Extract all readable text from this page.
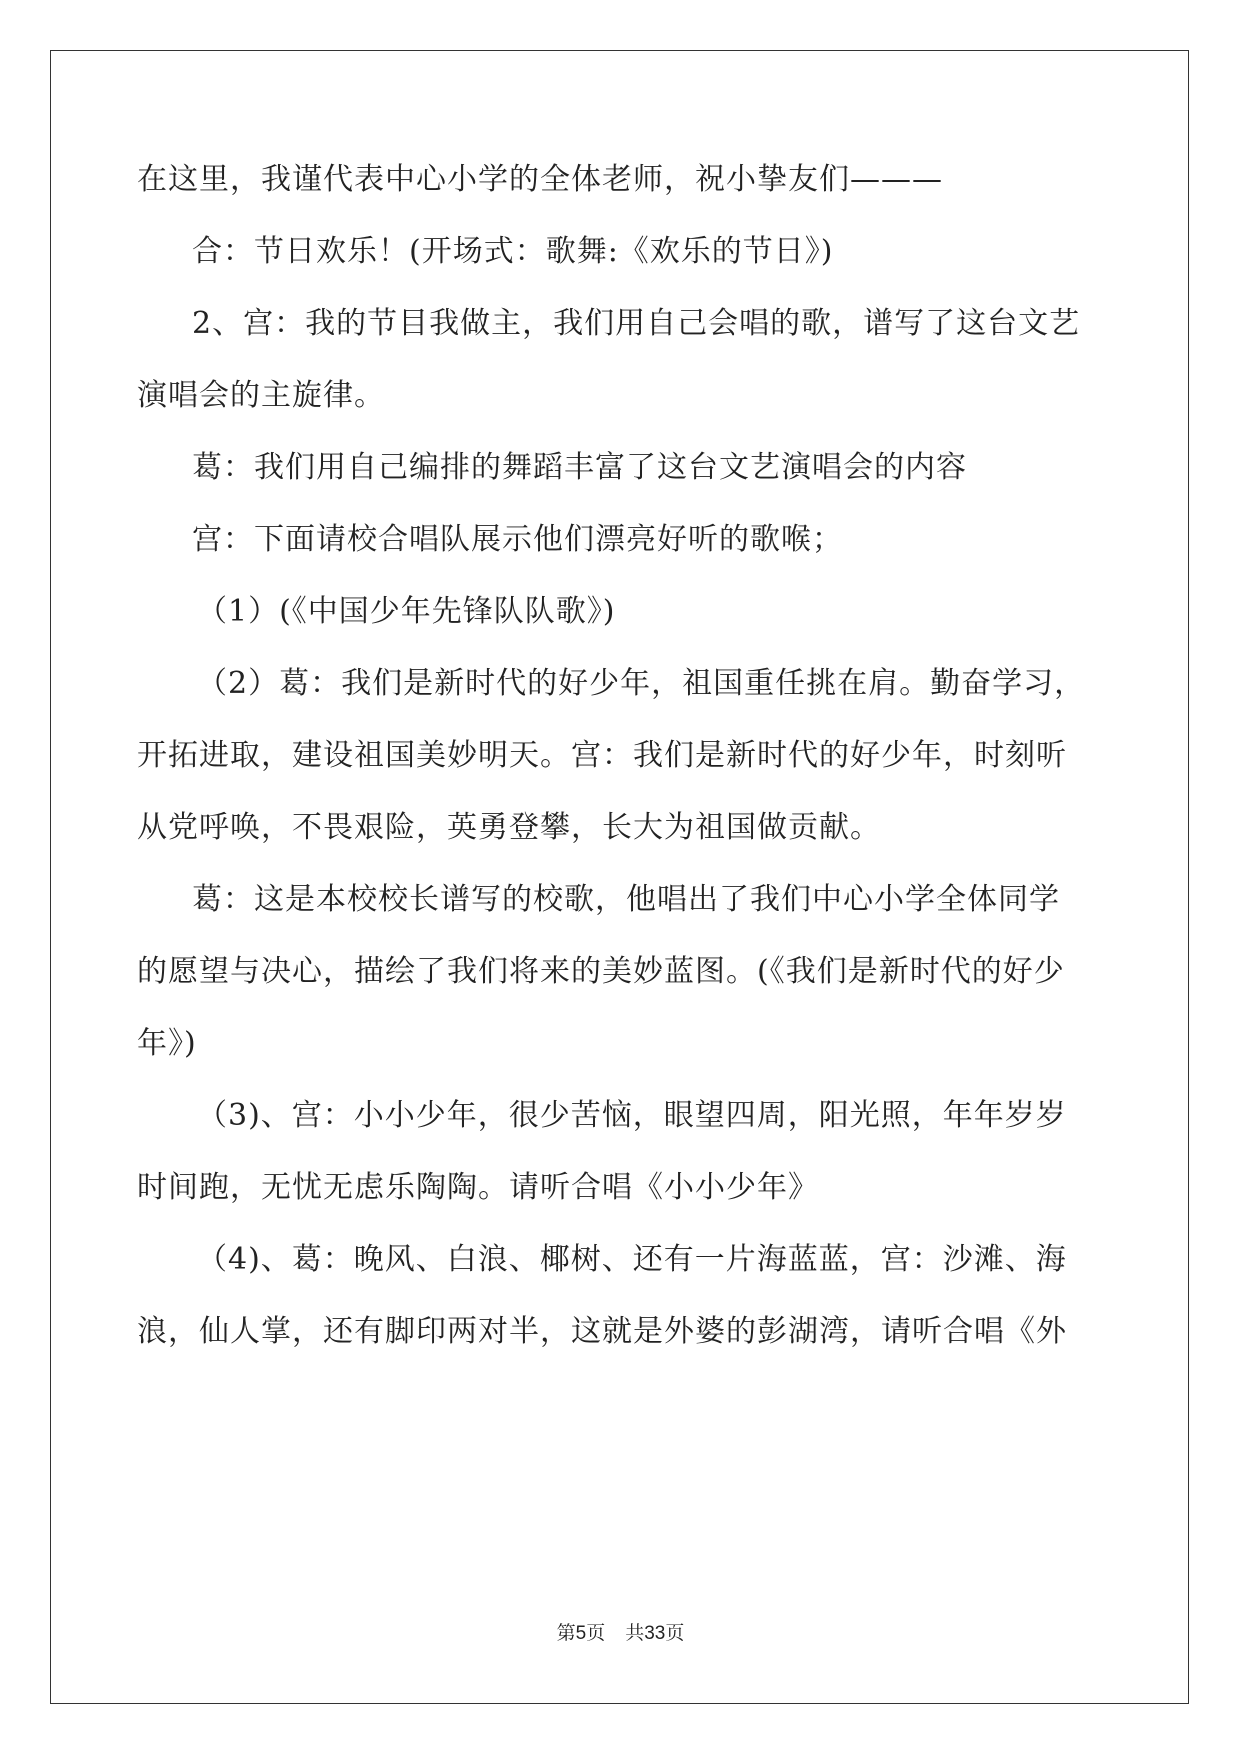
在这里，我谨代表中心小学的全体老师，祝小挚友们———
合：节日欢乐！(开场式：歌舞:《欢乐的节日》)
2、宫：我的节目我做主，我们用自己会唱的歌，谱写了这台文艺
演唱会的主旋律。
葛：我们用自己编排的舞蹈丰富了这台文艺演唱会的内容
宫：下面请校合唱队展示他们漂亮好听的歌喉；
（1）(《中国少年先锋队队歌》)
（2）葛：我们是新时代的好少年，祖国重任挑在肩。勤奋学习，
开拓进取，建设祖国美妙明天。宫：我们是新时代的好少年，时刻听
从党呼唤，不畏艰险，英勇登攀，长大为祖国做贡献。
葛：这是本校校长谱写的校歌，他唱出了我们中心小学全体同学
的愿望与决心，描绘了我们将来的美妙蓝图。(《我们是新时代的好少
年》)
（3)、宫：小小少年，很少苦恼，眼望四周，阳光照，年年岁岁
时间跑，无忧无虑乐陶陶。请听合唱《小小少年》
（4)、葛：晚风、白浪、椰树、还有一片海蓝蓝，宫：沙滩、海
浪，仙人掌，还有脚印两对半，这就是外婆的彭湖湾，请听合唱《外
第5页 共33页
